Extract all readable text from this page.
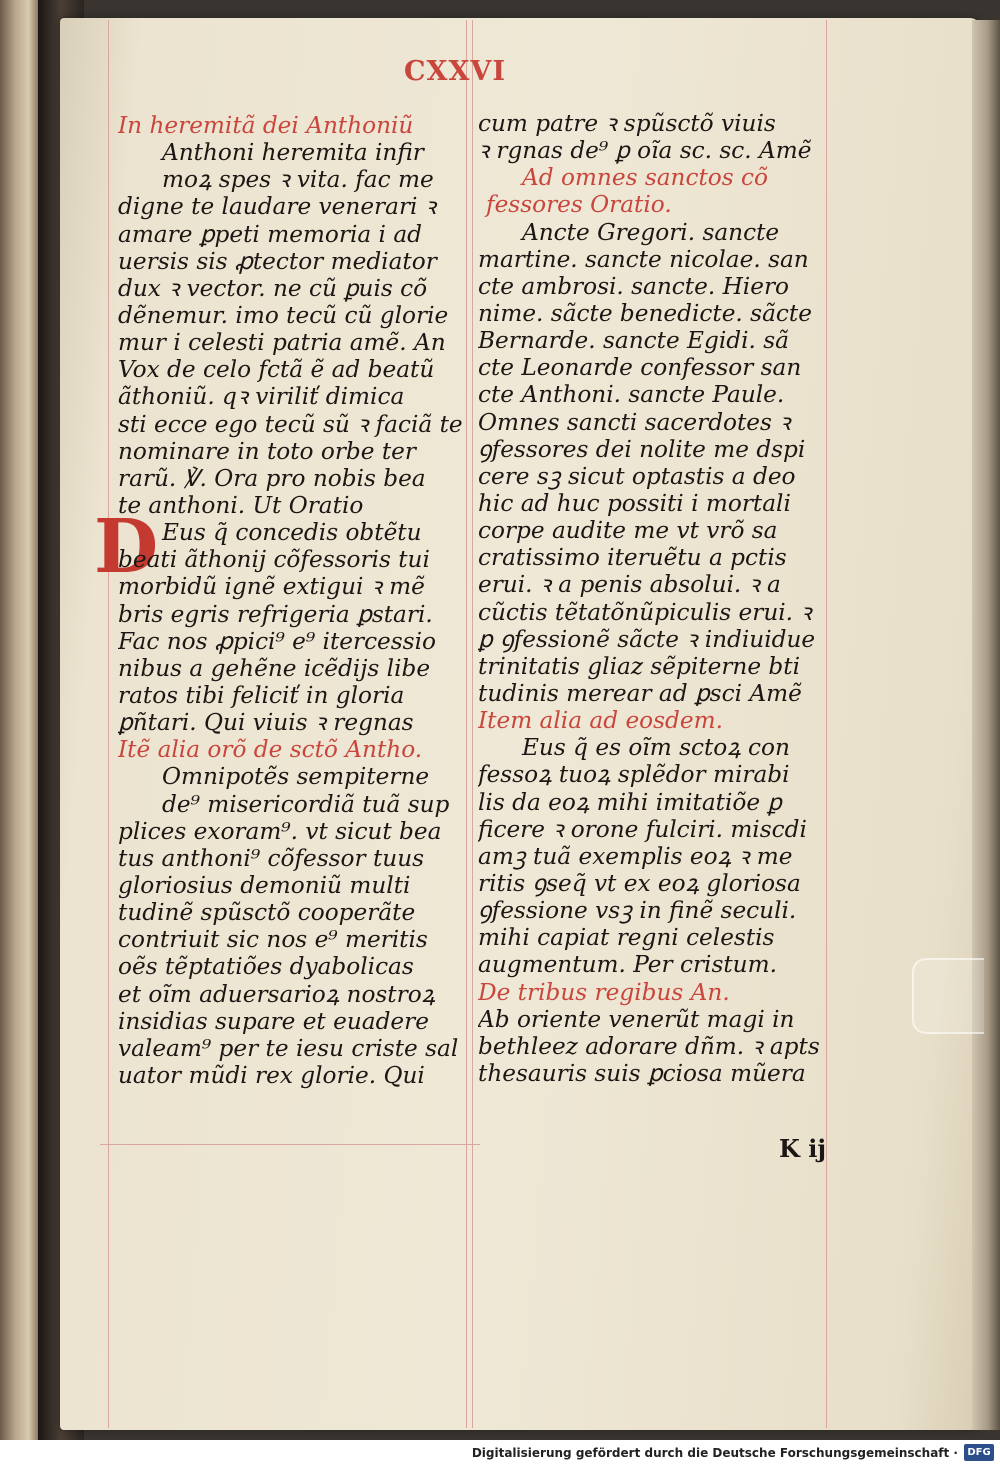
CXXVI
D
In heremitã dei Anthoniũ
Anthoni heremita infir
moꝝ spes ꝛ vita. fac me
digne te laudare venerari ꝛ
amare ꝑpeti memoria i ad
uersis sis ꝓtector mediator
dux ꝛ vector. ne cũ ꝑuis cõ
dẽnemur. imo tecũ cũ glorie
mur i celesti patria amẽ. An
Vox de celo fctã ẽ ad beatũ
ãthoniũ. qꝛ viriliť dimica
sti ecce ego tecũ sũ ꝛ faciã te
nominare in toto orbe ter
rarũ. ℣. Ora pro nobis bea
te anthoni. Ut Oratio
Eus q̃ concedis obtẽtu
beati ãthonij cõfessoris tui
morbidũ ignẽ extigui ꝛ mẽ
bris egris refrigeria ꝑstari.
Fac nos ꝓpici⁹ e⁹ itercessio
nibus a gehẽne icẽdijs libe
ratos tibi feliciť in gloria
ꝑñtari. Qui viuis ꝛ regnas
Itẽ alia orõ de sctõ Antho.
Omnipotẽs sempiterne
de⁹ misericordiã tuã sup
plices exoram⁹. vt sicut bea
tus anthoni⁹ cõfessor tuus
gloriosius demoniũ multi
tudinẽ spũsctõ cooperãte
contriuit sic nos e⁹ meritis
oẽs tẽptatiões dyabolicas
et oĩm aduersarioꝝ nostroꝝ
insidias supare et euadere
valeam⁹ per te iesu criste sal
uator mũdi rex glorie. Qui
cum patre ꝛ spũsctõ viuis
ꝛ rgnas de⁹ ꝑ oĩa sc. sc. Amẽ
Ad omnes sanctos cõ
fessores Oratio.
Ancte Gregori. sancte
martine. sancte nicolae. san
cte ambrosi. sancte. Hiero
nime. sãcte benedicte. sãcte
Bernarde. sancte Egidi. sã
cte Leonarde confessor san
cte Anthoni. sancte Paule.
Omnes sancti sacerdotes ꝛ
ꝯfessores dei nolite me dspi
cere sꝫ sicut optastis a deo
hic ad huc possiti i mortali
corpe audite me vt vrõ sa
cratissimo iteruẽtu a pctis
erui. ꝛ a penis absolui. ꝛ a
cũctis tẽtatõnũpiculis erui. ꝛ
ꝑ ꝯfessionẽ sãcte ꝛ indiuidue
trinitatis gliaz sẽpiterne bti
tudinis merear ad ꝑsci Amẽ
Item alia ad eosdem.
Eus q̃ es oĩm sctoꝝ con
fessoꝝ tuoꝝ splẽdor mirabi
lis da eoꝝ mihi imitatiõe ꝑ
ficere ꝛ orone fulciri. miscdi
amꝫ tuã exemplis eoꝝ ꝛ me
ritis ꝯseq̃ vt ex eoꝝ gloriosa
ꝯfessione vsꝫ in finẽ seculi.
mihi capiat regni celestis
augmentum. Per cristum.
De tribus regibus An.
Ab oriente venerũt magi in
bethleez adorare dñm. ꝛ apts
thesauris suis ꝑciosa mũera
K ij
Digitalisierung gefördert durch die Deutsche Forschungsgemeinschaft · DFG
